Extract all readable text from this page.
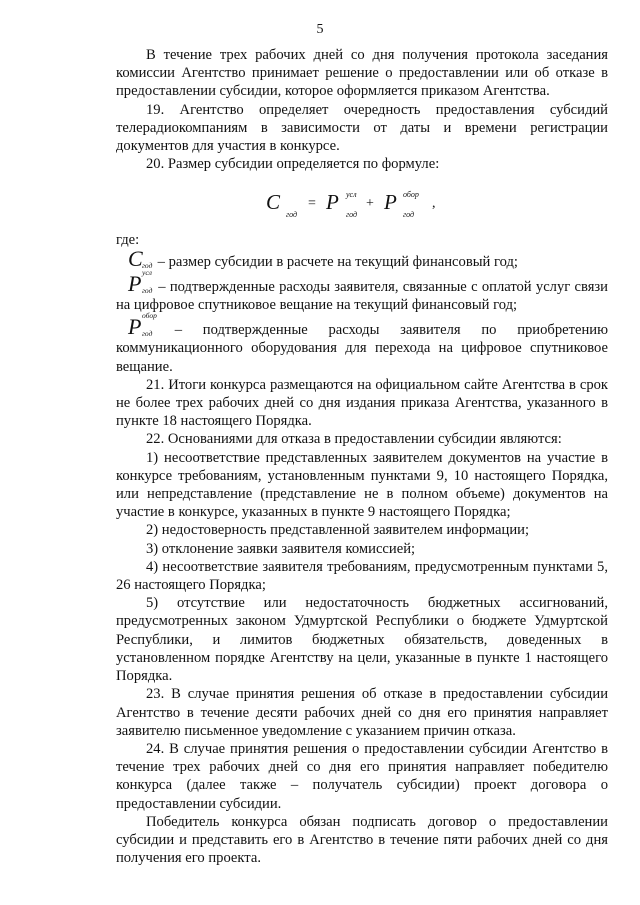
5

В течение трех рабочих дней со дня получения протокола заседания комиссии Агентство принимает решение о предоставлении или об отказе в предоставлении субсидии, которое оформляется приказом Агентства.

19. Агентство определяет очередность предоставления субсидий телерадиокомпаниям в зависимости от даты и времени регистрации документов для участия в конкурсе.

20. Размер субсидии определяется по формуле:

С
год
= Р усл
год
+ Р обор
год
,

где:

С год – размер субсидии в расчете на текущий финансовый год;

Р усл
год – подтвержденные расходы заявителя, связанные с оплатой услуг связи на цифровое спутниковое вещание на текущий финансовый год;

Р обор
год – подтвержденные расходы заявителя по приобретению коммуникационного оборудования для перехода на цифровое спутниковое вещание.

21. Итоги конкурса размещаются на официальном сайте Агентства в срок не более трех рабочих дней со дня издания приказа Агентства, указанного в пункте 18 настоящего Порядка.

22. Основаниями для отказа в предоставлении субсидии являются:

1) несоответствие представленных заявителем документов на участие в конкурсе требованиям, установленным пунктами 9, 10 настоящего Порядка, или непредставление (представление не в полном объеме) документов на участие в конкурсе, указанных в пункте 9 настоящего Порядка;

2) недостоверность представленной заявителем информации;

3) отклонение заявки заявителя комиссией;

4) несоответствие заявителя требованиям, предусмотренным пунктами 5, 26 настоящего Порядка;

5) отсутствие или недостаточность бюджетных ассигнований, предусмотренных законом Удмуртской Республики о бюджете Удмуртской Республики, и лимитов бюджетных обязательств, доведенных в установленном порядке Агентству на цели, указанные в пункте 1 настоящего Порядка.

23. В случае принятия решения об отказе в предоставлении субсидии Агентство в течение десяти рабочих дней со дня его принятия направляет заявителю письменное уведомление с указанием причин отказа.

24. В случае принятия решения о предоставлении субсидии Агентство в течение трех рабочих дней со дня его принятия направляет победителю конкурса (далее также – получатель субсидии) проект договора о предоставлении субсидии.

Победитель конкурса обязан подписать договор о предоставлении субсидии и представить его в Агентство в течение пяти рабочих дней со дня получения его проекта.
